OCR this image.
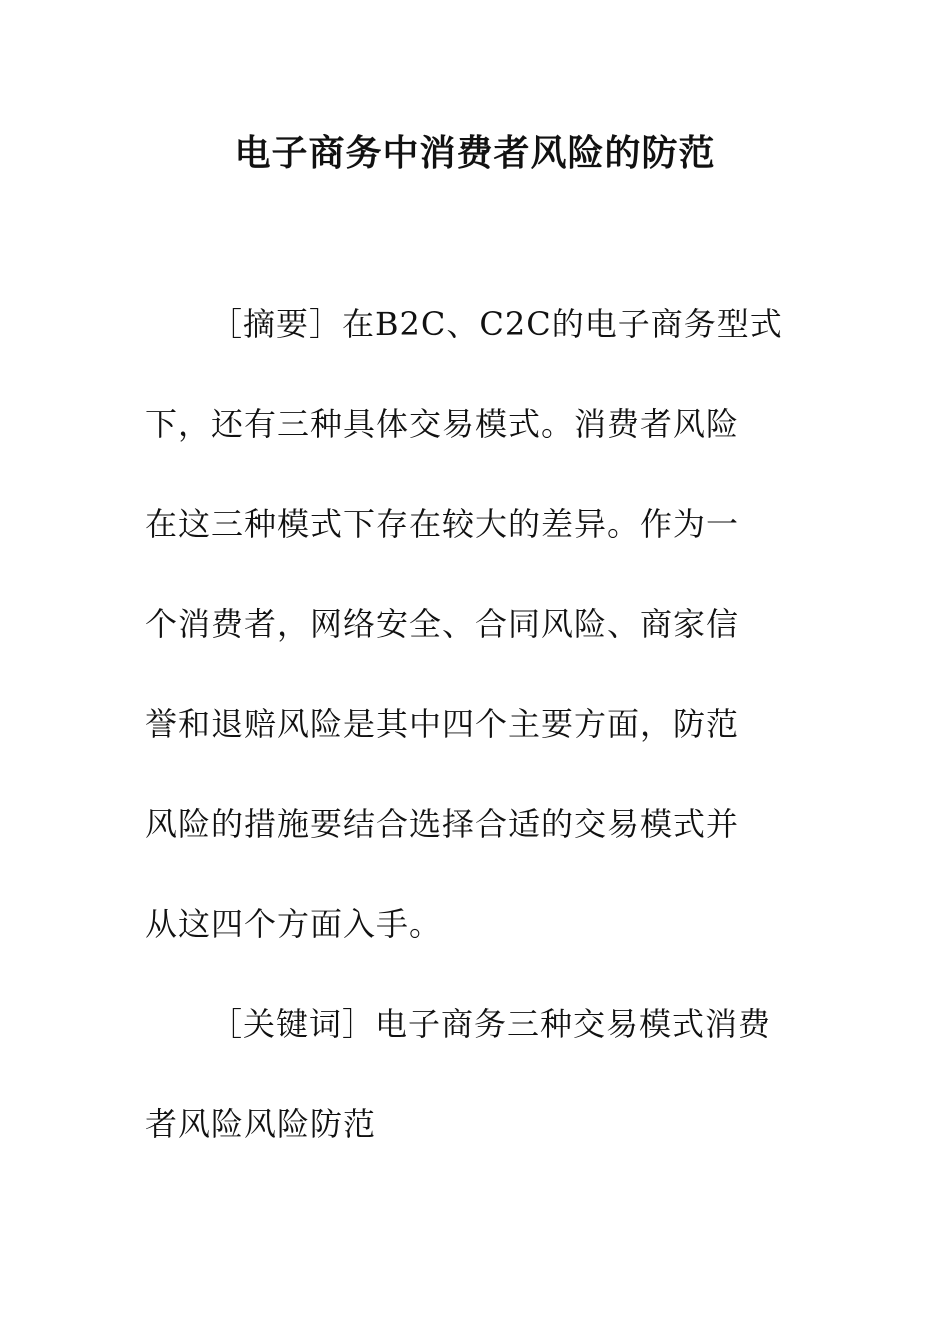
电子商务中消费者风险的防范
［摘要］在B2C、C2C的电子商务型式
下，还有三种具体交易模式。消费者风险
在这三种模式下存在较大的差异。作为一
个消费者，网络安全、合同风险、商家信
誉和退赔风险是其中四个主要方面，防范
风险的措施要结合选择合适的交易模式并
从这四个方面入手。
［关键词］电子商务三种交易模式消费
者风险风险防范
